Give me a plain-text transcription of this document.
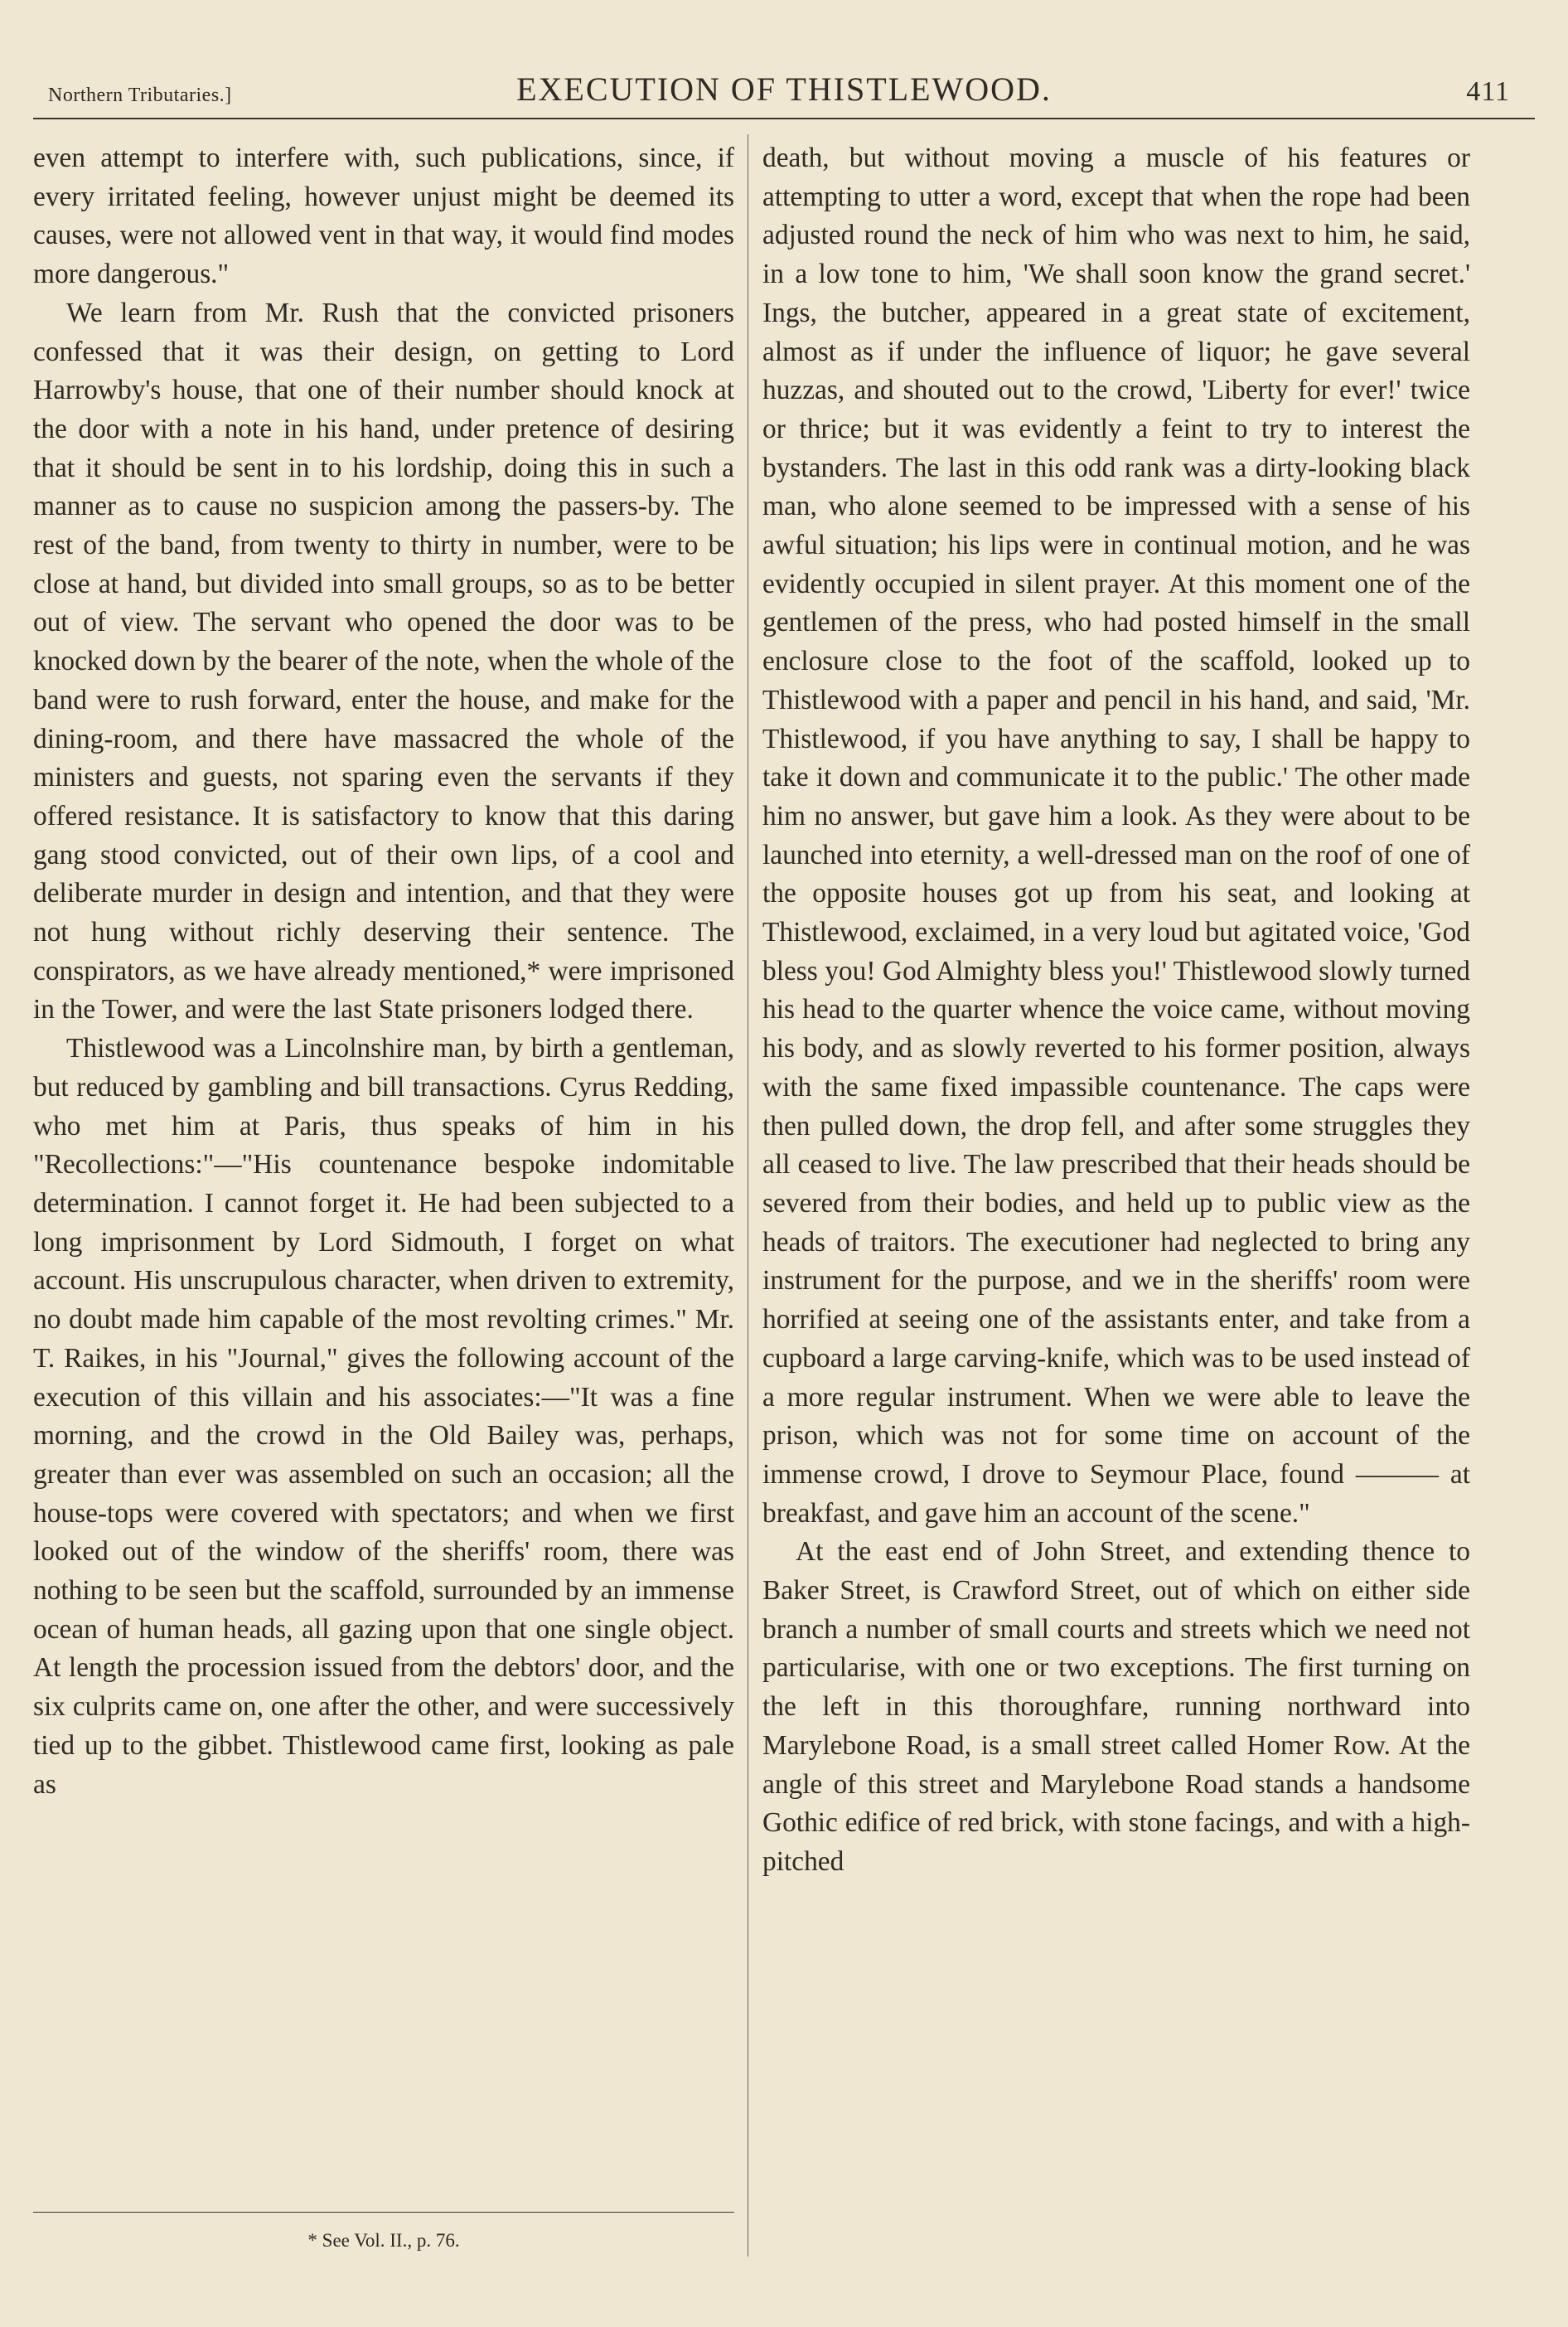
Northern Tributaries.]	EXECUTION OF THISTLEWOOD.	411

even attempt to interfere with, such publications, since, if every irritated feeling, however unjust might be deemed its causes, were not allowed vent in that way, it would find modes more dangerous."

We learn from Mr. Rush that the convicted prisoners confessed that it was their design, on getting to Lord Harrowby's house, that one of their number should knock at the door with a note in his hand, under pretence of desiring that it should be sent in to his lordship, doing this in such a manner as to cause no suspicion among the passers-by. The rest of the band, from twenty to thirty in number, were to be close at hand, but divided into small groups, so as to be better out of view. The servant who opened the door was to be knocked down by the bearer of the note, when the whole of the band were to rush forward, enter the house, and make for the dining-room, and there have massacred the whole of the ministers and guests, not sparing even the servants if they offered resistance. It is satisfactory to know that this daring gang stood convicted, out of their own lips, of a cool and deliberate murder in design and intention, and that they were not hung without richly deserving their sentence. The conspirators, as we have already mentioned,* were imprisoned in the Tower, and were the last State prisoners lodged there.

Thistlewood was a Lincolnshire man, by birth a gentleman, but reduced by gambling and bill transactions. Cyrus Redding, who met him at Paris, thus speaks of him in his "Recollections:"—"His countenance bespoke indomitable determination. I cannot forget it. He had been subjected to a long imprisonment by Lord Sidmouth, I forget on what account. His unscrupulous character, when driven to extremity, no doubt made him capable of the most revolting crimes." Mr. T. Raikes, in his "Journal," gives the following account of the execution of this villain and his associates:—"It was a fine morning, and the crowd in the Old Bailey was, perhaps, greater than ever was assembled on such an occasion; all the house-tops were covered with spectators; and when we first looked out of the window of the sheriffs' room, there was nothing to be seen but the scaffold, surrounded by an immense ocean of human heads, all gazing upon that one single object. At length the procession issued from the debtors' door, and the six culprits came on, one after the other, and were successively tied up to the gibbet. Thistlewood came first, looking as pale as

death, but without moving a muscle of his features or attempting to utter a word, except that when the rope had been adjusted round the neck of him who was next to him, he said, in a low tone to him, 'We shall soon know the grand secret.' Ings, the butcher, appeared in a great state of excitement, almost as if under the influence of liquor; he gave several huzzas, and shouted out to the crowd, 'Liberty for ever!' twice or thrice; but it was evidently a feint to try to interest the bystanders. The last in this odd rank was a dirty-looking black man, who alone seemed to be impressed with a sense of his awful situation; his lips were in continual motion, and he was evidently occupied in silent prayer. At this moment one of the gentlemen of the press, who had posted himself in the small enclosure close to the foot of the scaffold, looked up to Thistlewood with a paper and pencil in his hand, and said, 'Mr. Thistlewood, if you have anything to say, I shall be happy to take it down and communicate it to the public.' The other made him no answer, but gave him a look. As they were about to be launched into eternity, a well-dressed man on the roof of one of the opposite houses got up from his seat, and looking at Thistlewood, exclaimed, in a very loud but agitated voice, 'God bless you! God Almighty bless you!' Thistlewood slowly turned his head to the quarter whence the voice came, without moving his body, and as slowly reverted to his former position, always with the same fixed impassible countenance. The caps were then pulled down, the drop fell, and after some struggles they all ceased to live. The law prescribed that their heads should be severed from their bodies, and held up to public view as the heads of traitors. The executioner had neglected to bring any instrument for the purpose, and we in the sheriffs' room were horrified at seeing one of the assistants enter, and take from a cupboard a large carving-knife, which was to be used instead of a more regular instrument. When we were able to leave the prison, which was not for some time on account of the immense crowd, I drove to Seymour Place, found ——— at breakfast, and gave him an account of the scene."

At the east end of John Street, and extending thence to Baker Street, is Crawford Street, out of which on either side branch a number of small courts and streets which we need not particularise, with one or two exceptions. The first turning on the left in this thoroughfare, running northward into Marylebone Road, is a small street called Homer Row. At the angle of this street and Marylebone Road stands a handsome Gothic edifice of red brick, with stone facings, and with a high-pitched

* See Vol. II., p. 76.
